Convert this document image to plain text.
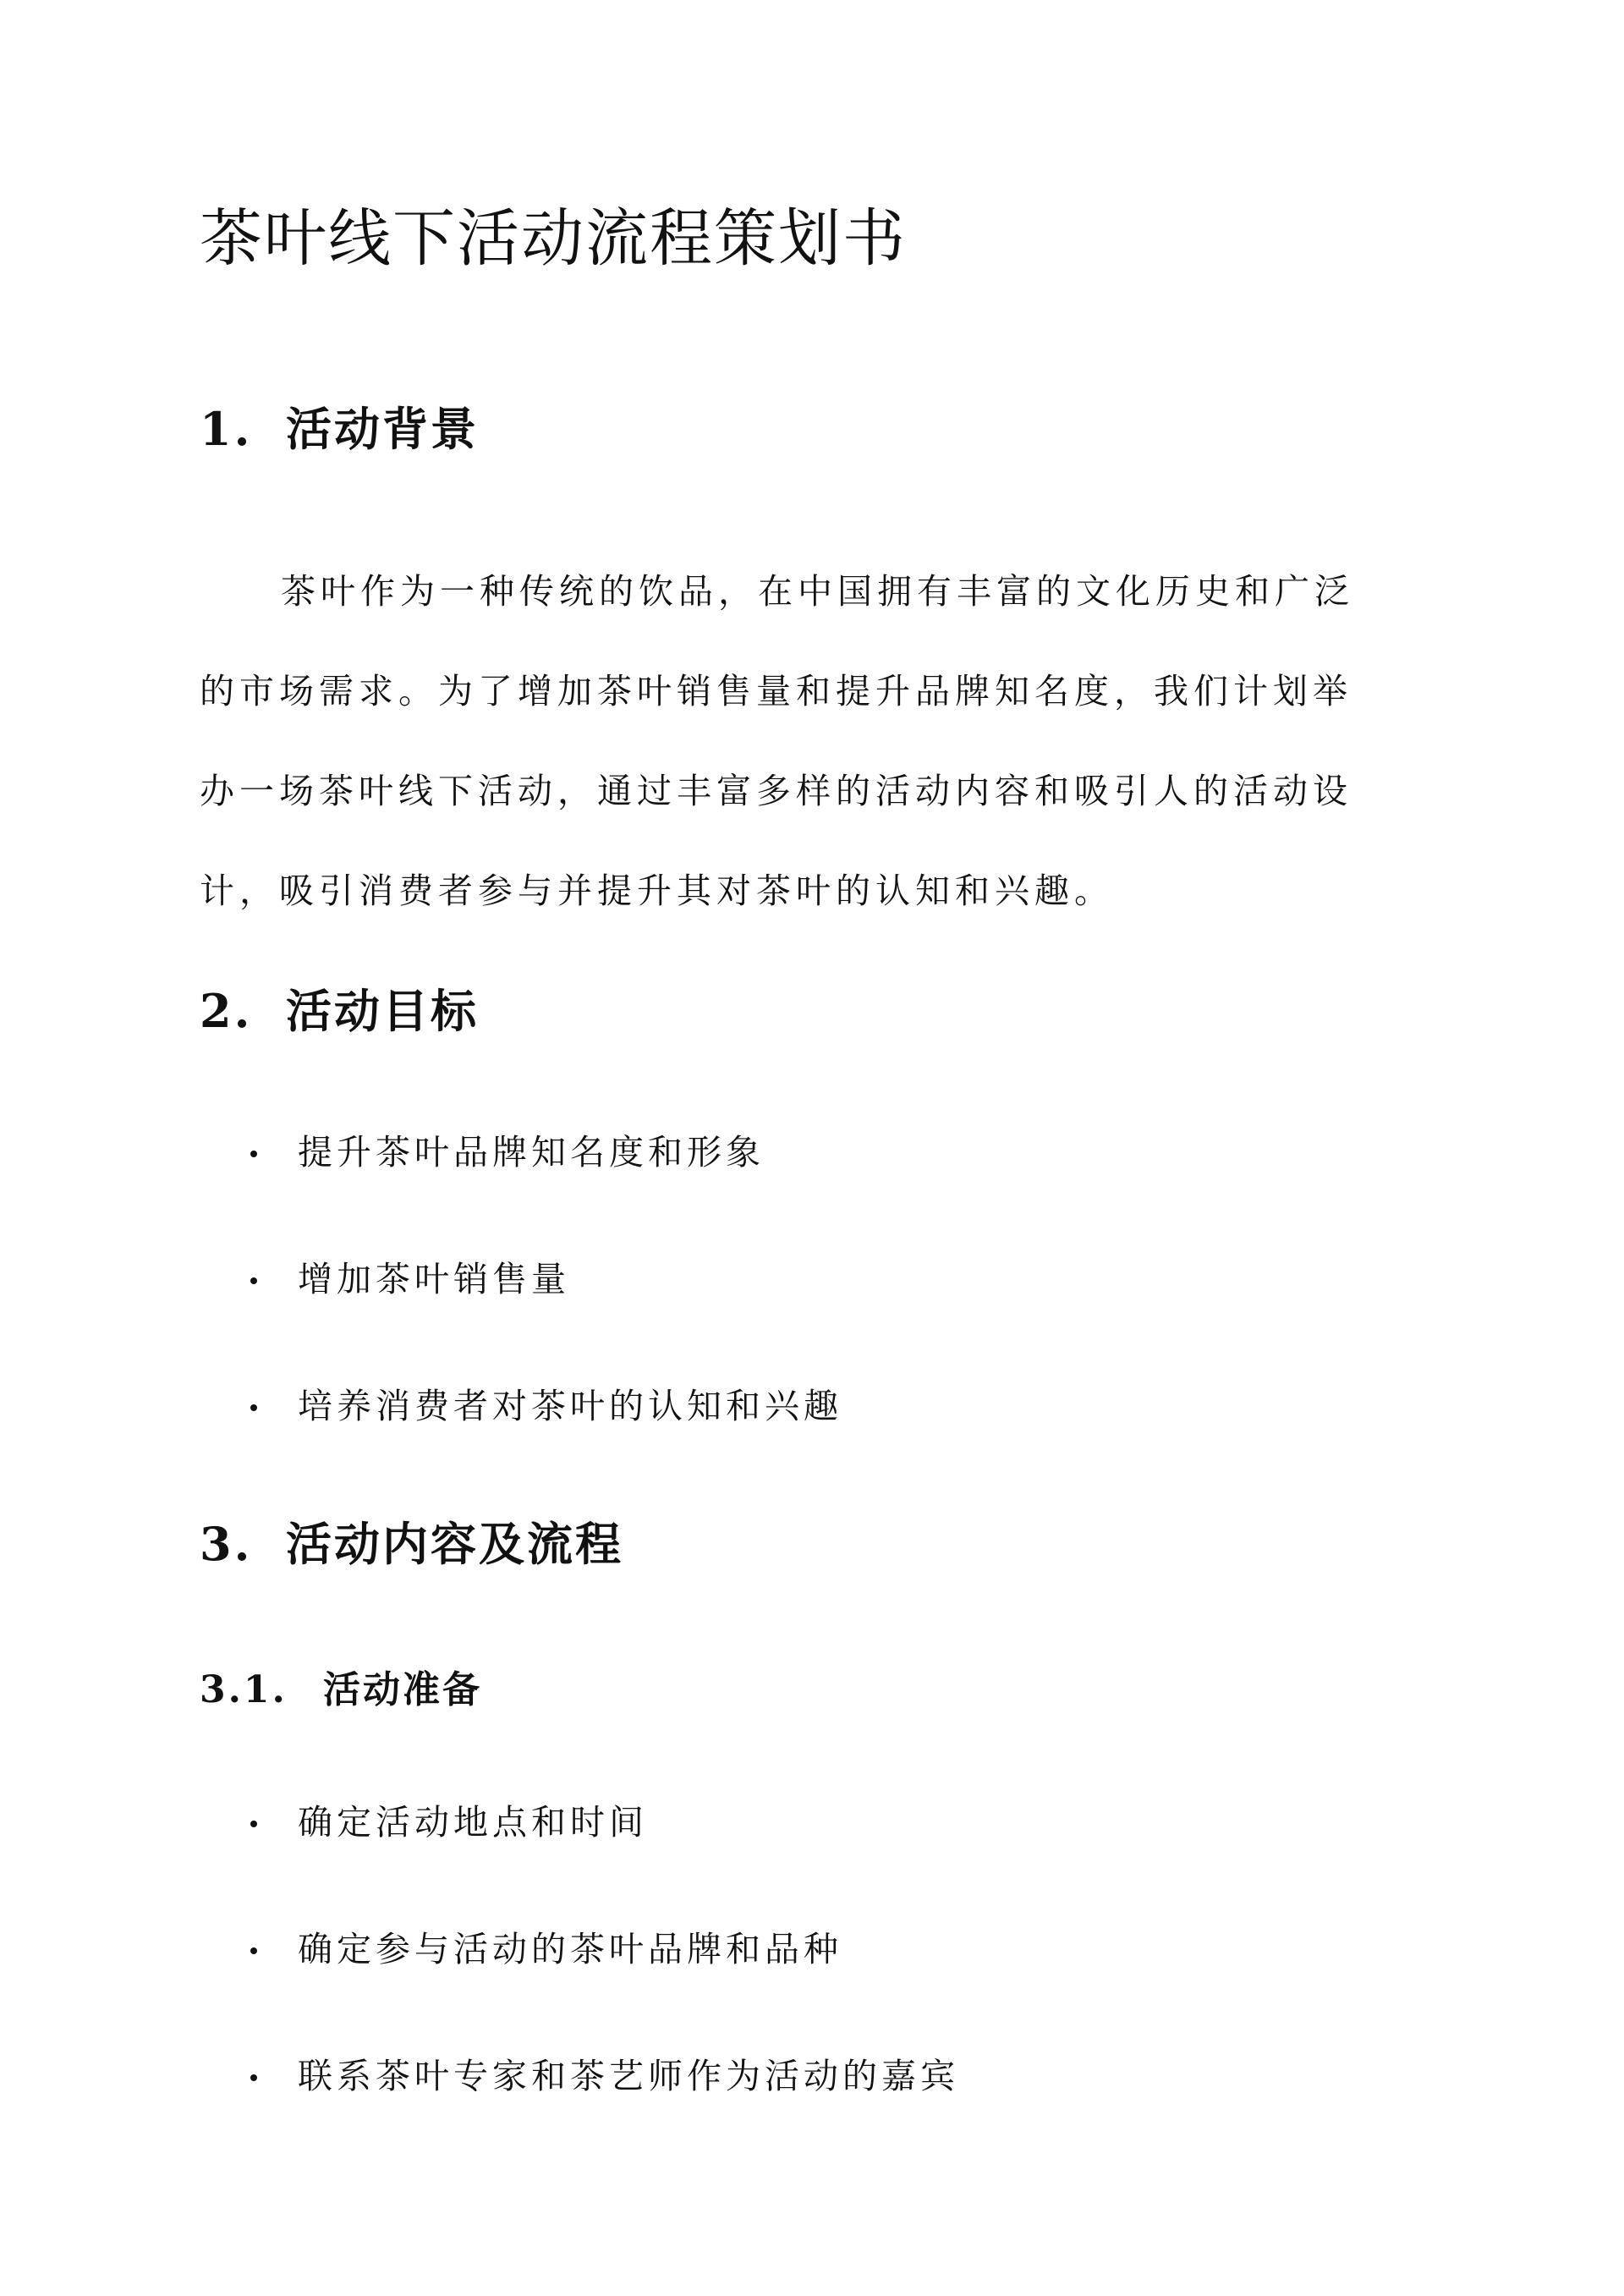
茶叶线下活动流程策划书
1. 活动背景

茶叶作为一种传统的饮品，在中国拥有丰富的文化历史和广泛
的市场需求。为了增加茶叶销售量和提升品牌知名度，我们计划举
办一场茶叶线下活动，通过丰富多样的活动内容和吸引人的活动设
计，吸引消费者参与并提升其对茶叶的认知和兴趣。

2. 活动目标
提升茶叶品牌知名度和形象
增加茶叶销售量
培养消费者对茶叶的认知和兴趣
3. 活动内容及流程
3.1. 活动准备
确定活动地点和时间
确定参与活动的茶叶品牌和品种
联系茶叶专家和茶艺师作为活动的嘉宾
